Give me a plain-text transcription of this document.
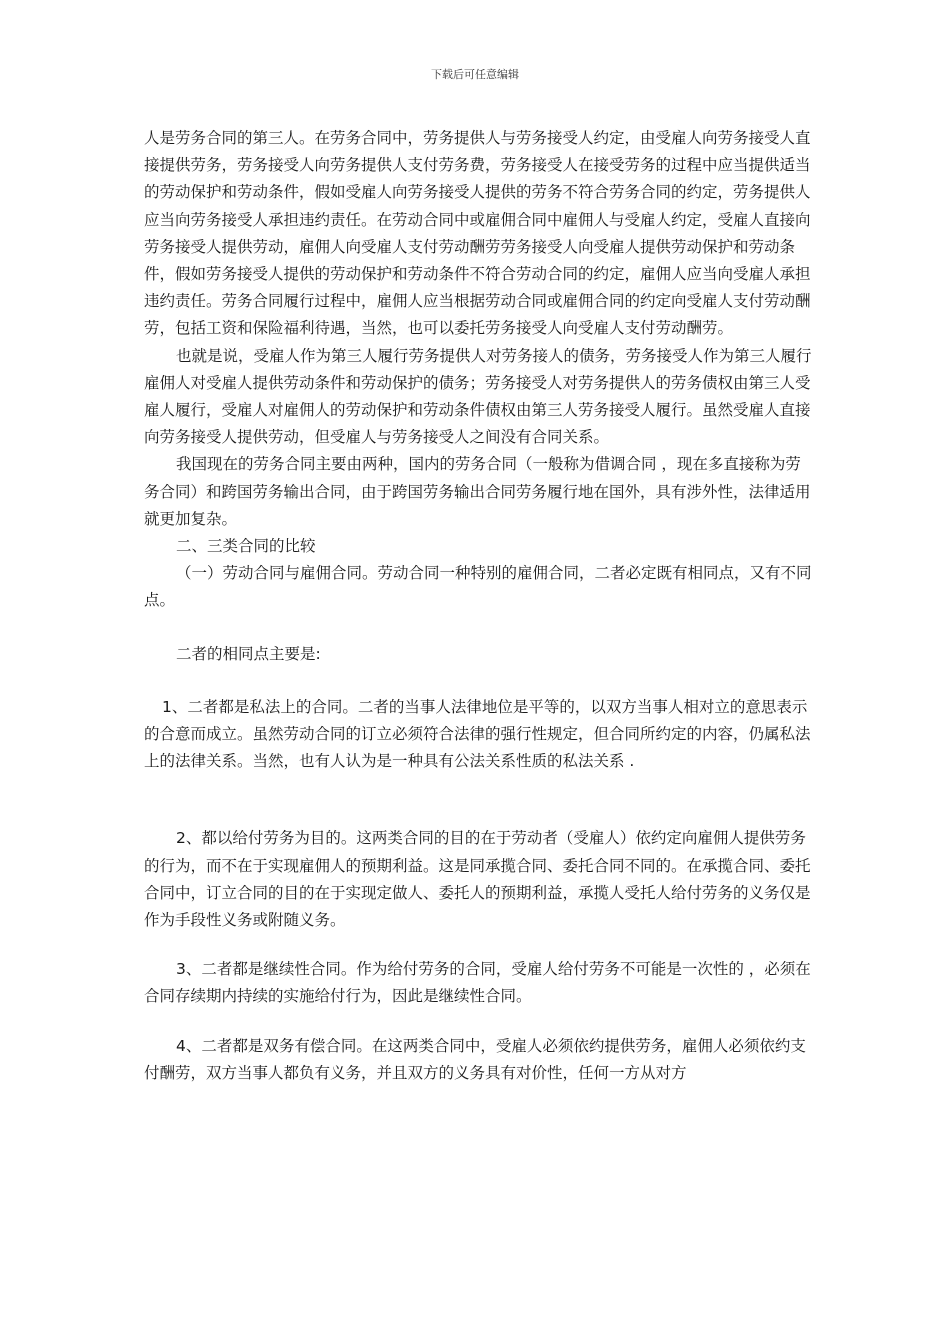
下载后可任意编辑

人是劳务合同的第三人。在劳务合同中，劳务提供人与劳务接受人约定，由受雇人向劳务接受人直接提供劳务，劳务接受人向劳务提供人支付劳务费，劳务接受人在接受劳务的过程中应当提供适当的劳动保护和劳动条件，假如受雇人向劳务接受人提供的劳务不符合劳务合同的约定，劳务提供人应当向劳务接受人承担违约责任。在劳动合同中或雇佣合同中雇佣人与受雇人约定，受雇人直接向劳务接受人提供劳动，雇佣人向受雇人支付劳动酬劳劳务接受人向受雇人提供劳动保护和劳动条件，假如劳务接受人提供的劳动保护和劳动条件不符合劳动合同的约定，雇佣人应当向受雇人承担违约责任。劳务合同履行过程中，雇佣人应当根据劳动合同或雇佣合同的约定向受雇人支付劳动酬劳，包括工资和保险福利待遇，当然，也可以委托劳务接受人向受雇人支付劳动酬劳。

也就是说，受雇人作为第三人履行劳务提供人对劳务接人的债务，劳务接受人作为第三人履行雇佣人对受雇人提供劳动条件和劳动保护的债务；劳务接受人对劳务提供人的劳务债权由第三人受雇人履行，受雇人对雇佣人的劳动保护和劳动条件债权由第三人劳务接受人履行。虽然受雇人直接向劳务接受人提供劳动，但受雇人与劳务接受人之间没有合同关系。

我国现在的劳务合同主要由两种，国内的劳务合同（一般称为借调合同 ，现在多直接称为劳务合同）和跨国劳务输出合同，由于跨国劳务输出合同劳务履行地在国外，具有涉外性，法律适用就更加复杂。

二、三类合同的比较

（一）劳动合同与雇佣合同。劳动合同一种特别的雇佣合同，二者必定既有相同点，又有不同点。

二者的相同点主要是:

1、二者都是私法上的合同。二者的当事人法律地位是平等的，以双方当事人相对立的意思表示的合意而成立。虽然劳动合同的订立必须符合法律的强行性规定，但合同所约定的内容，仍属私法上的法律关系。当然，也有人认为是一种具有公法关系性质的私法关系 .

2、都以给付劳务为目的。这两类合同的目的在于劳动者（受雇人）依约定向雇佣人提供劳务的行为，而不在于实现雇佣人的预期利益。这是同承揽合同、委托合同不同的。在承揽合同、委托合同中，订立合同的目的在于实现定做人、委托人的预期利益，承揽人受托人给付劳务的义务仅是作为手段性义务或附随义务。

3、二者都是继续性合同。作为给付劳务的合同，受雇人给付劳务不可能是一次性的 ，必须在合同存续期内持续的实施给付行为，因此是继续性合同。

4、二者都是双务有偿合同。在这两类合同中，受雇人必须依约提供劳务，雇佣人必须依约支付酬劳，双方当事人都负有义务，并且双方的义务具有对价性，任何一方从对方
